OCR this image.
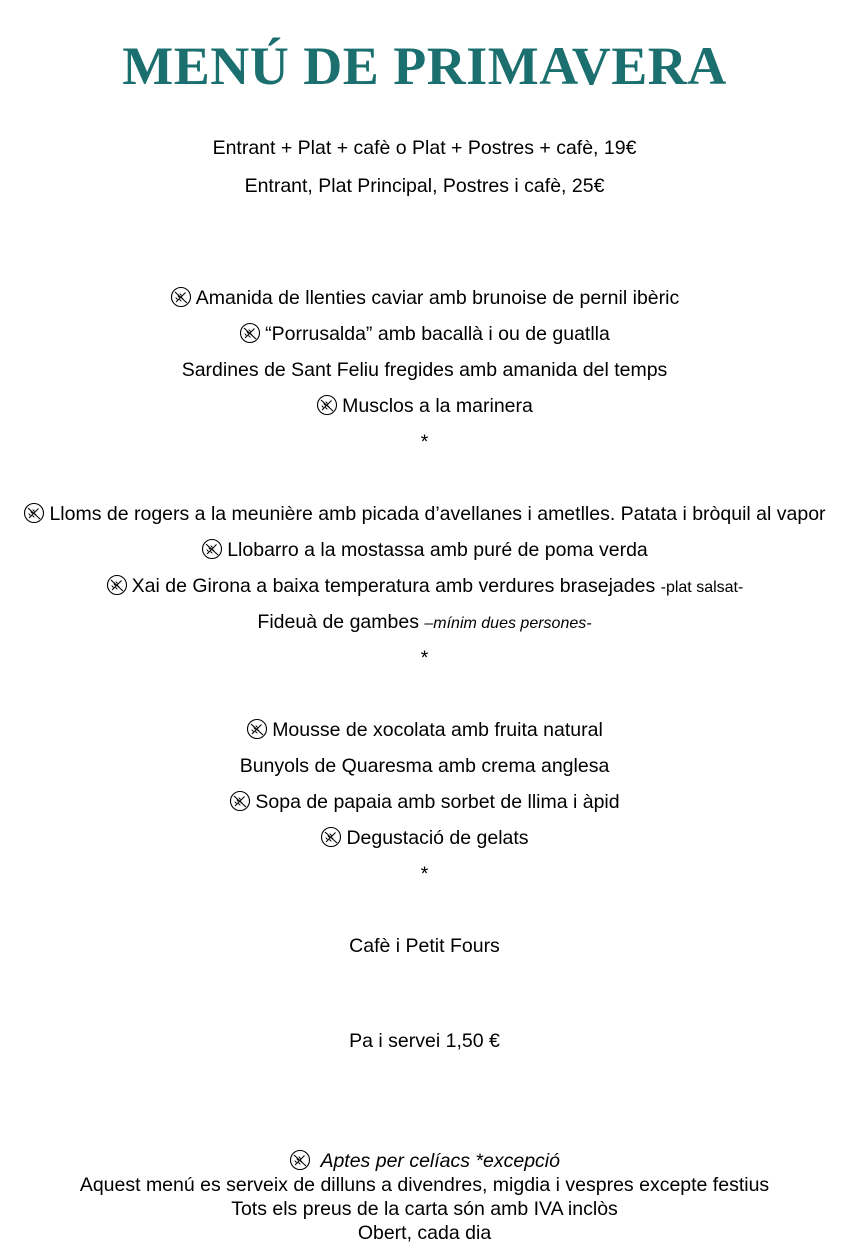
MENÚ DE PRIMAVERA
Entrant + Plat + cafè o Plat + Postres + cafè, 19€
Entrant, Plat Principal, Postres i cafè, 25€
Amanida de llenties caviar amb brunoise de pernil ibèric
“Porrusalda” amb bacallà i ou de guatlla
Sardines de Sant Feliu fregides amb amanida del temps
Musclos a la marinera
*
Lloms de rogers a la meunière amb picada d’avellanes i ametlles. Patata i bròquil al vapor
Llobarro a la mostassa amb puré de poma verda
Xai de Girona a baixa temperatura amb verdures brasejades -plat salsat-
Fideuà de gambes –mínim dues persones-
*
Mousse de xocolata amb fruita natural
Bunyols de Quaresma amb crema anglesa
Sopa de papaia amb sorbet de llima i àpid
Degustació de gelats
*
Cafè i Petit Fours
Pa i servei 1,50 €
Aptes per celíacs *excepció
Aquest menú es serveix de dilluns a divendres, migdia i vespres excepte festius
Tots els preus de la carta són amb IVA inclòs
Obert, cada dia
